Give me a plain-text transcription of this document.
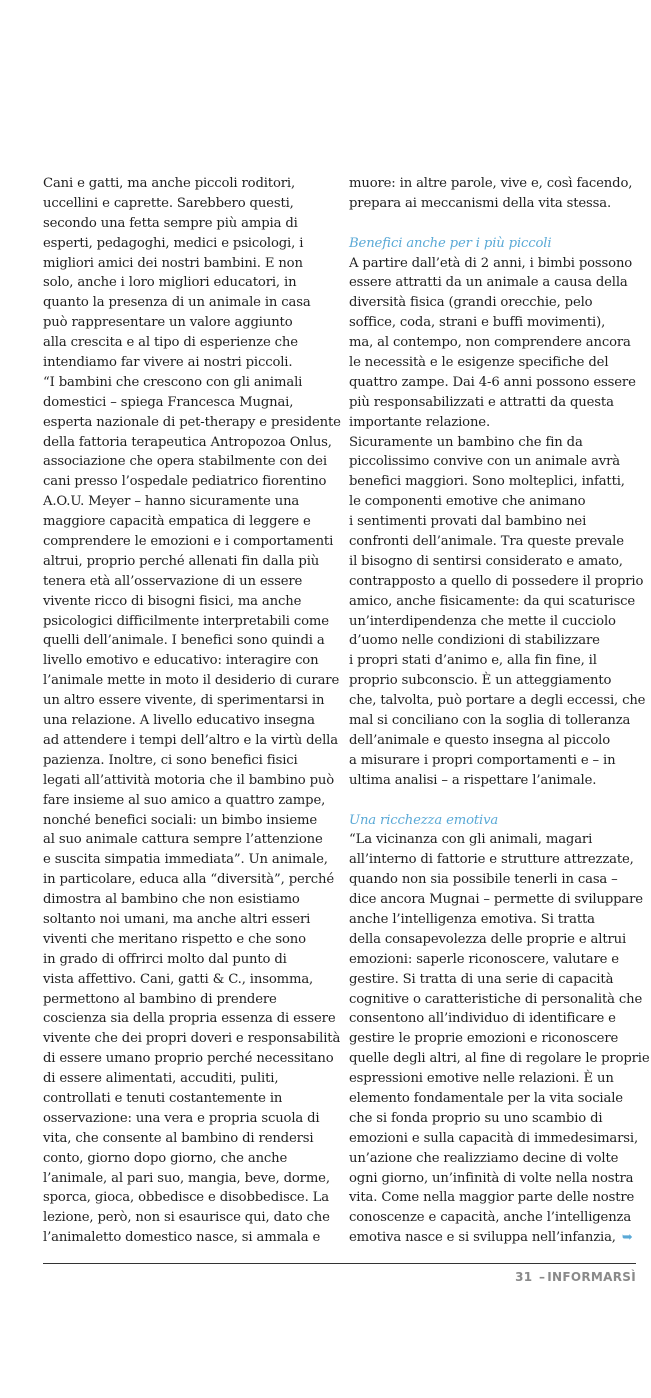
Cani e gatti, ma anche piccoli roditori,
uccellini e caprette. Sarebbero questi,
secondo una fetta sempre più ampia di
esperti, pedagoghi, medici e psicologi, i
migliori amici dei nostri bambini. E non
solo, anche i loro migliori educatori, in
quanto la presenza di un animale in casa
può rappresentare un valore aggiunto
alla crescita e al tipo di esperienze che
intendiamo far vivere ai nostri piccoli.
“I bambini che crescono con gli animali
domestici – spiega Francesca Mugnai,
esperta nazionale di pet-therapy e presidente
della fattoria terapeutica Antropozoa Onlus,
associazione che opera stabilmente con dei
cani presso l’ospedale pediatrico fiorentino
A.O.U. Meyer – hanno sicuramente una
maggiore capacità empatica di leggere e
comprendere le emozioni e i comportamenti
altrui, proprio perché allenati fin dalla più
tenera età all’osservazione di un essere
vivente ricco di bisogni fisici, ma anche
psicologici difficilmente interpretabili come
quelli dell’animale. I benefici sono quindi a
livello emotivo e educativo: interagire con
l’animale mette in moto il desiderio di curare
un altro essere vivente, di sperimentarsi in
una relazione. A livello educativo insegna
ad attendere i tempi dell’altro e la virtù della
pazienza. Inoltre, ci sono benefici fisici
legati all’attività motoria che il bambino può
fare insieme al suo amico a quattro zampe,
nonché benefici sociali: un bimbo insieme
al suo animale cattura sempre l’attenzione
e suscita simpatia immediata”. Un animale,
in particolare, educa alla “diversità”, perché
dimostra al bambino che non esistiamo
soltanto noi umani, ma anche altri esseri
viventi che meritano rispetto e che sono
in grado di offrirci molto dal punto di
vista affettivo. Cani, gatti & C., insomma,
permettono al bambino di prendere
coscienza sia della propria essenza di essere
vivente che dei propri doveri e responsabilità
di essere umano proprio perché necessitano
di essere alimentati, accuditi, puliti,
controllati e tenuti costantemente in
osservazione: una vera e propria scuola di
vita, che consente al bambino di rendersi
conto, giorno dopo giorno, che anche
l’animale, al pari suo, mangia, beve, dorme,
sporca, gioca, obbedisce e disobbedisce. La
lezione, però, non si esaurisce qui, dato che
l’animaletto domestico nasce, si ammala e
muore: in altre parole, vive e, così facendo,
prepara ai meccanismi della vita stessa.
Benefici anche per i più piccoli
A partire dall’età di 2 anni, i bimbi possono
essere attratti da un animale a causa della
diversità fisica (grandi orecchie, pelo
soffice, coda, strani e buffi movimenti),
ma, al contempo, non comprendere ancora
le necessità e le esigenze specifiche del
quattro zampe. Dai 4-6 anni possono essere
più responsabilizzati e attratti da questa
importante relazione.
Sicuramente un bambino che fin da
piccolissimo convive con un animale avrà
benefici maggiori. Sono molteplici, infatti,
le componenti emotive che animano
i sentimenti provati dal bambino nei
confronti dell’animale. Tra queste prevale
il bisogno di sentirsi considerato e amato,
contrapposto a quello di possedere il proprio
amico, anche fisicamente: da qui scaturisce
un’interdipendenza che mette il cucciolo
d’uomo nelle condizioni di stabilizzare
i propri stati d’animo e, alla fin fine, il
proprio subconscio. È un atteggiamento
che, talvolta, può portare a degli eccessi, che
mal si conciliano con la soglia di tolleranza
dell’animale e questo insegna al piccolo
a misurare i propri comportamenti e – in
ultima analisi – a rispettare l’animale.
Una ricchezza emotiva
“La vicinanza con gli animali, magari
all’interno di fattorie e strutture attrezzate,
quando non sia possibile tenerli in casa –
dice ancora Mugnai – permette di sviluppare
anche l’intelligenza emotiva. Si tratta
della consapevolezza delle proprie e altrui
emozioni: saperle riconoscere, valutare e
gestire. Si tratta di una serie di capacità
cognitive o caratteristiche di personalità che
consentono all’individuo di identificare e
gestire le proprie emozioni e riconoscere
quelle degli altri, al fine di regolare le proprie
espressioni emotive nelle relazioni. È un
elemento fondamentale per la vita sociale
che si fonda proprio su uno scambio di
emozioni e sulla capacità di immedesimarsi,
un’azione che realizziamo decine di volte
ogni giorno, un’infinità di volte nella nostra
vita. Come nella maggior parte delle nostre
conoscenze e capacità, anche l’intelligenza
emotiva nasce e si sviluppa nell’infanzia, ➥
31 – INFORMARSÌ
